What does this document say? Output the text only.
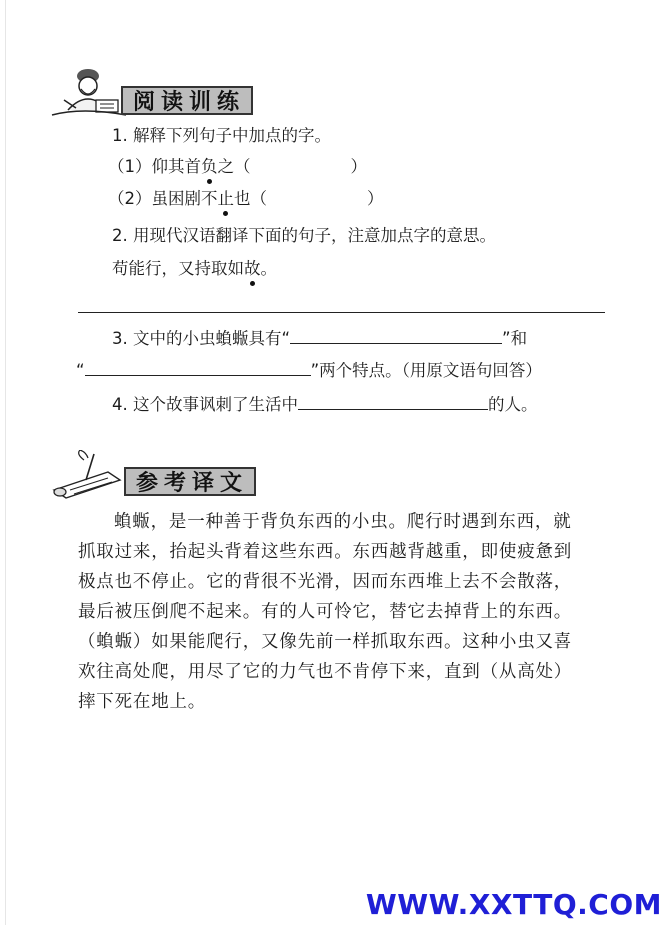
阅读训练
1. 解释下列句子中加点的字。
（1）仰其首负之（	）
（2）虽困剧不止也（	）
2. 用现代汉语翻译下面的句子，注意加点字的意思。
苟能行，又持取如故。
3. 文中的小虫蝜蝂具有“	”和
“	”两个特点。（用原文语句回答）
4. 这个故事讽刺了生活中	的人。
参考译文
蝜蝂，是一种善于背负东西的小虫。爬行时遇到东西，就
抓取过来，抬起头背着这些东西。东西越背越重，即使疲惫到
极点也不停止。它的背很不光滑，因而东西堆上去不会散落，
最后被压倒爬不起来。有的人可怜它，替它去掉背上的东西。
（蝜蝂）如果能爬行，又像先前一样抓取东西。这种小虫又喜
欢往高处爬，用尽了它的力气也不肯停下来，直到（从高处）
摔下死在地上。
WWW.XXTTQ.COM
